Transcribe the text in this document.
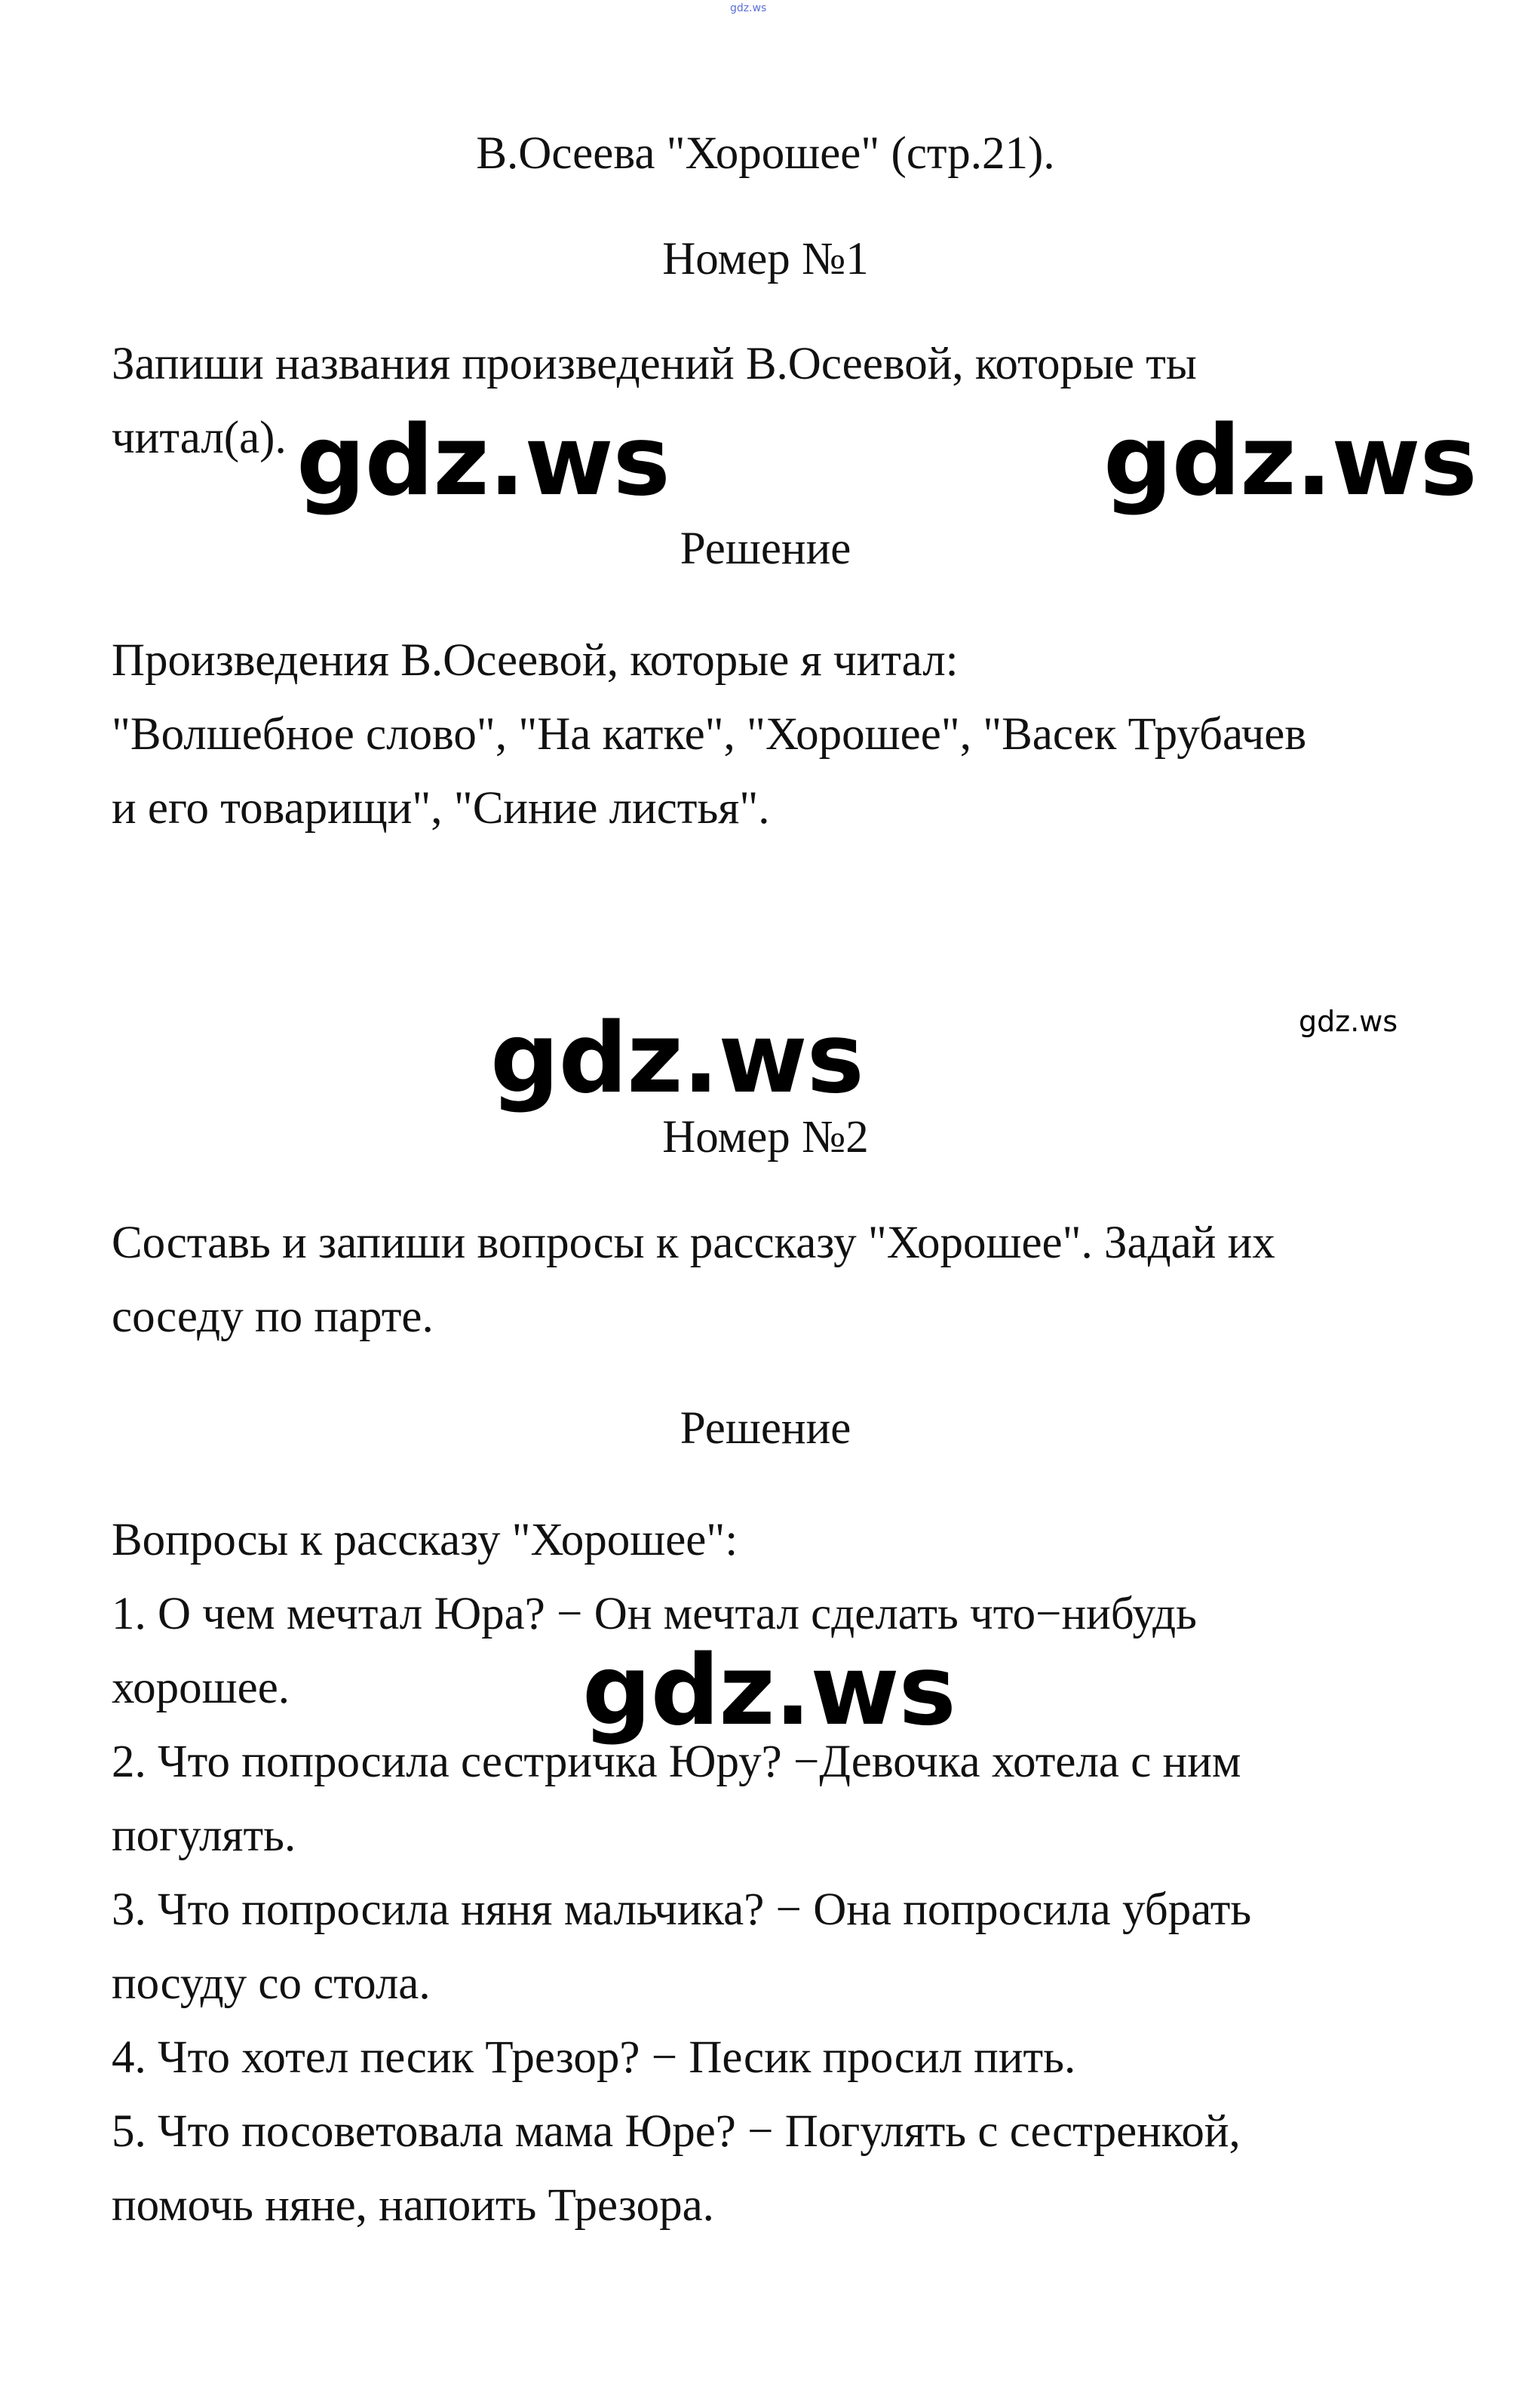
gdz.ws

В.Осеева "Хорошее" (стр.21).

Номер №1

Запиши названия произведений В.Осеевой, которые ты

читал(а). gdz.ws	gdz.ws

Решение

Произведения В.Осеевой, которые я читал:

"Волшебное слово", "На катке", "Хорошее", "Васек Трубачев

и его товарищи", "Синие листья".

gdz.ws	gdz.ws

Номер №2

Составь и запиши вопросы к рассказу "Хорошее". Задай их

соседу по парте.

Решение

Вопросы к рассказу "Хорошее":

1. О чем мечтал Юра? − Он мечтал сделать что−нибудь

хорошее.	gdz.ws

2. Что попросила сестричка Юру? −Девочка хотела с ним

погулять.

3. Что попросила няня мальчика? − Она попросила убрать

посуду со стола.

4. Что хотел песик Трезор? − Песик просил пить.

5. Что посоветовала мама Юре? − Погулять с сестренкой,

помочь няне, напоить Трезора.
